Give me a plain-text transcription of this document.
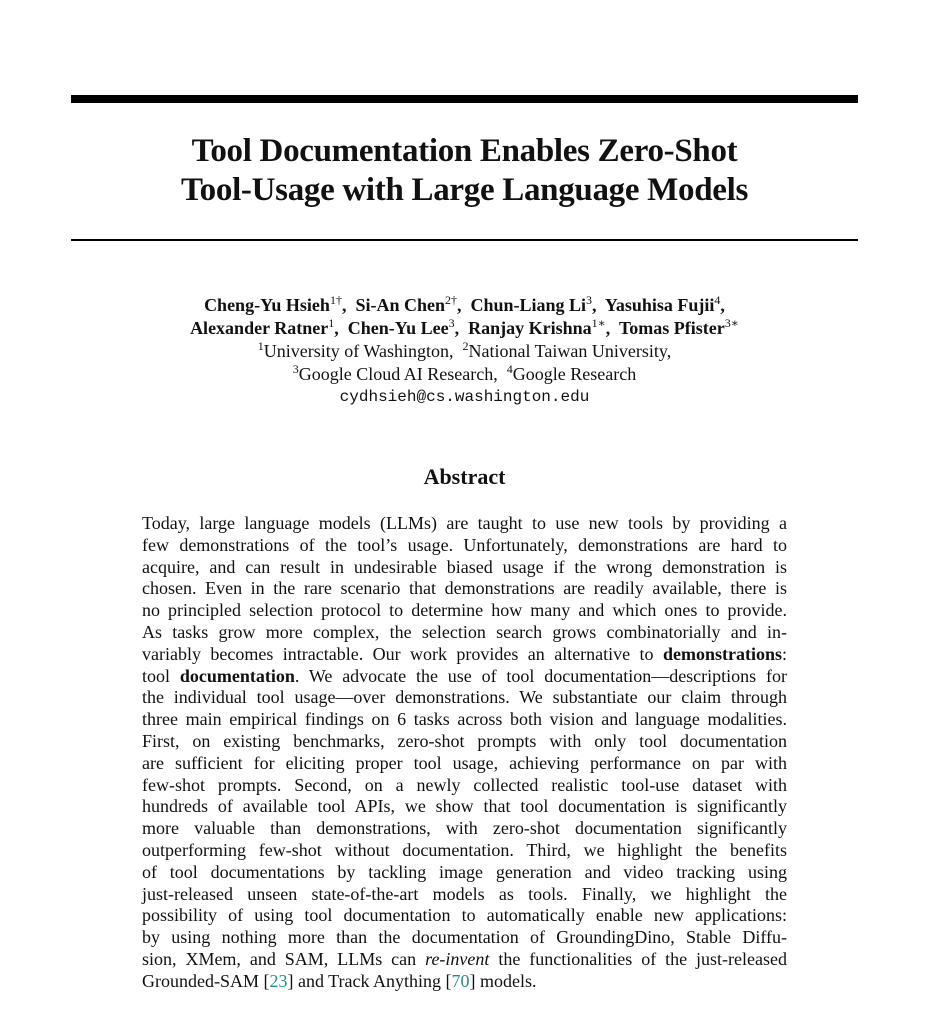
Tool Documentation Enables Zero-Shot
Tool-Usage with Large Language Models
Cheng-Yu Hsieh$^{1\dagger}$,  Si-An Chen$^{2\dagger}$,  Chun-Liang Li$^3$,  Yasuhisa Fujii$^4$,
Alexander Ratner$^1$,  Chen-Yu Lee$^3$,  Ranjay Krishna$^{1∗}$,  Tomas Pfister$^{3∗}$
$^1$University of Washington,  $^2$National Taiwan University,
$^3$Google Cloud AI Research,  $^4$Google Research
cydhsieh@cs.washington.edu
Abstract
Today, large language models (LLMs) are taught to use new tools by providing a
few demonstrations of the tool’s usage. Unfortunately, demonstrations are hard to
acquire, and can result in undesirable biased usage if the wrong demonstration is
chosen. Even in the rare scenario that demonstrations are readily available, there is
no principled selection protocol to determine how many and which ones to provide.
As tasks grow more complex, the selection search grows combinatorially and in-
variably becomes intractable. Our work provides an alternative to demonstrations:
tool documentation. We advocate the use of tool documentation—descriptions for
the individual tool usage—over demonstrations. We substantiate our claim through
three main empirical findings on 6 tasks across both vision and language modalities.
First, on existing benchmarks, zero-shot prompts with only tool documentation
are sufficient for eliciting proper tool usage, achieving performance on par with
few-shot prompts. Second, on a newly collected realistic tool-use dataset with
hundreds of available tool APIs, we show that tool documentation is significantly
more valuable than demonstrations, with zero-shot documentation significantly
outperforming few-shot without documentation. Third, we highlight the benefits
of tool documentations by tackling image generation and video tracking using
just-released unseen state-of-the-art models as tools. Finally, we highlight the
possibility of using tool documentation to automatically enable new applications:
by using nothing more than the documentation of GroundingDino, Stable Diffu-
sion, XMem, and SAM, LLMs can re-invent the functionalities of the just-released
Grounded-SAM [23] and Track Anything [70] models.
